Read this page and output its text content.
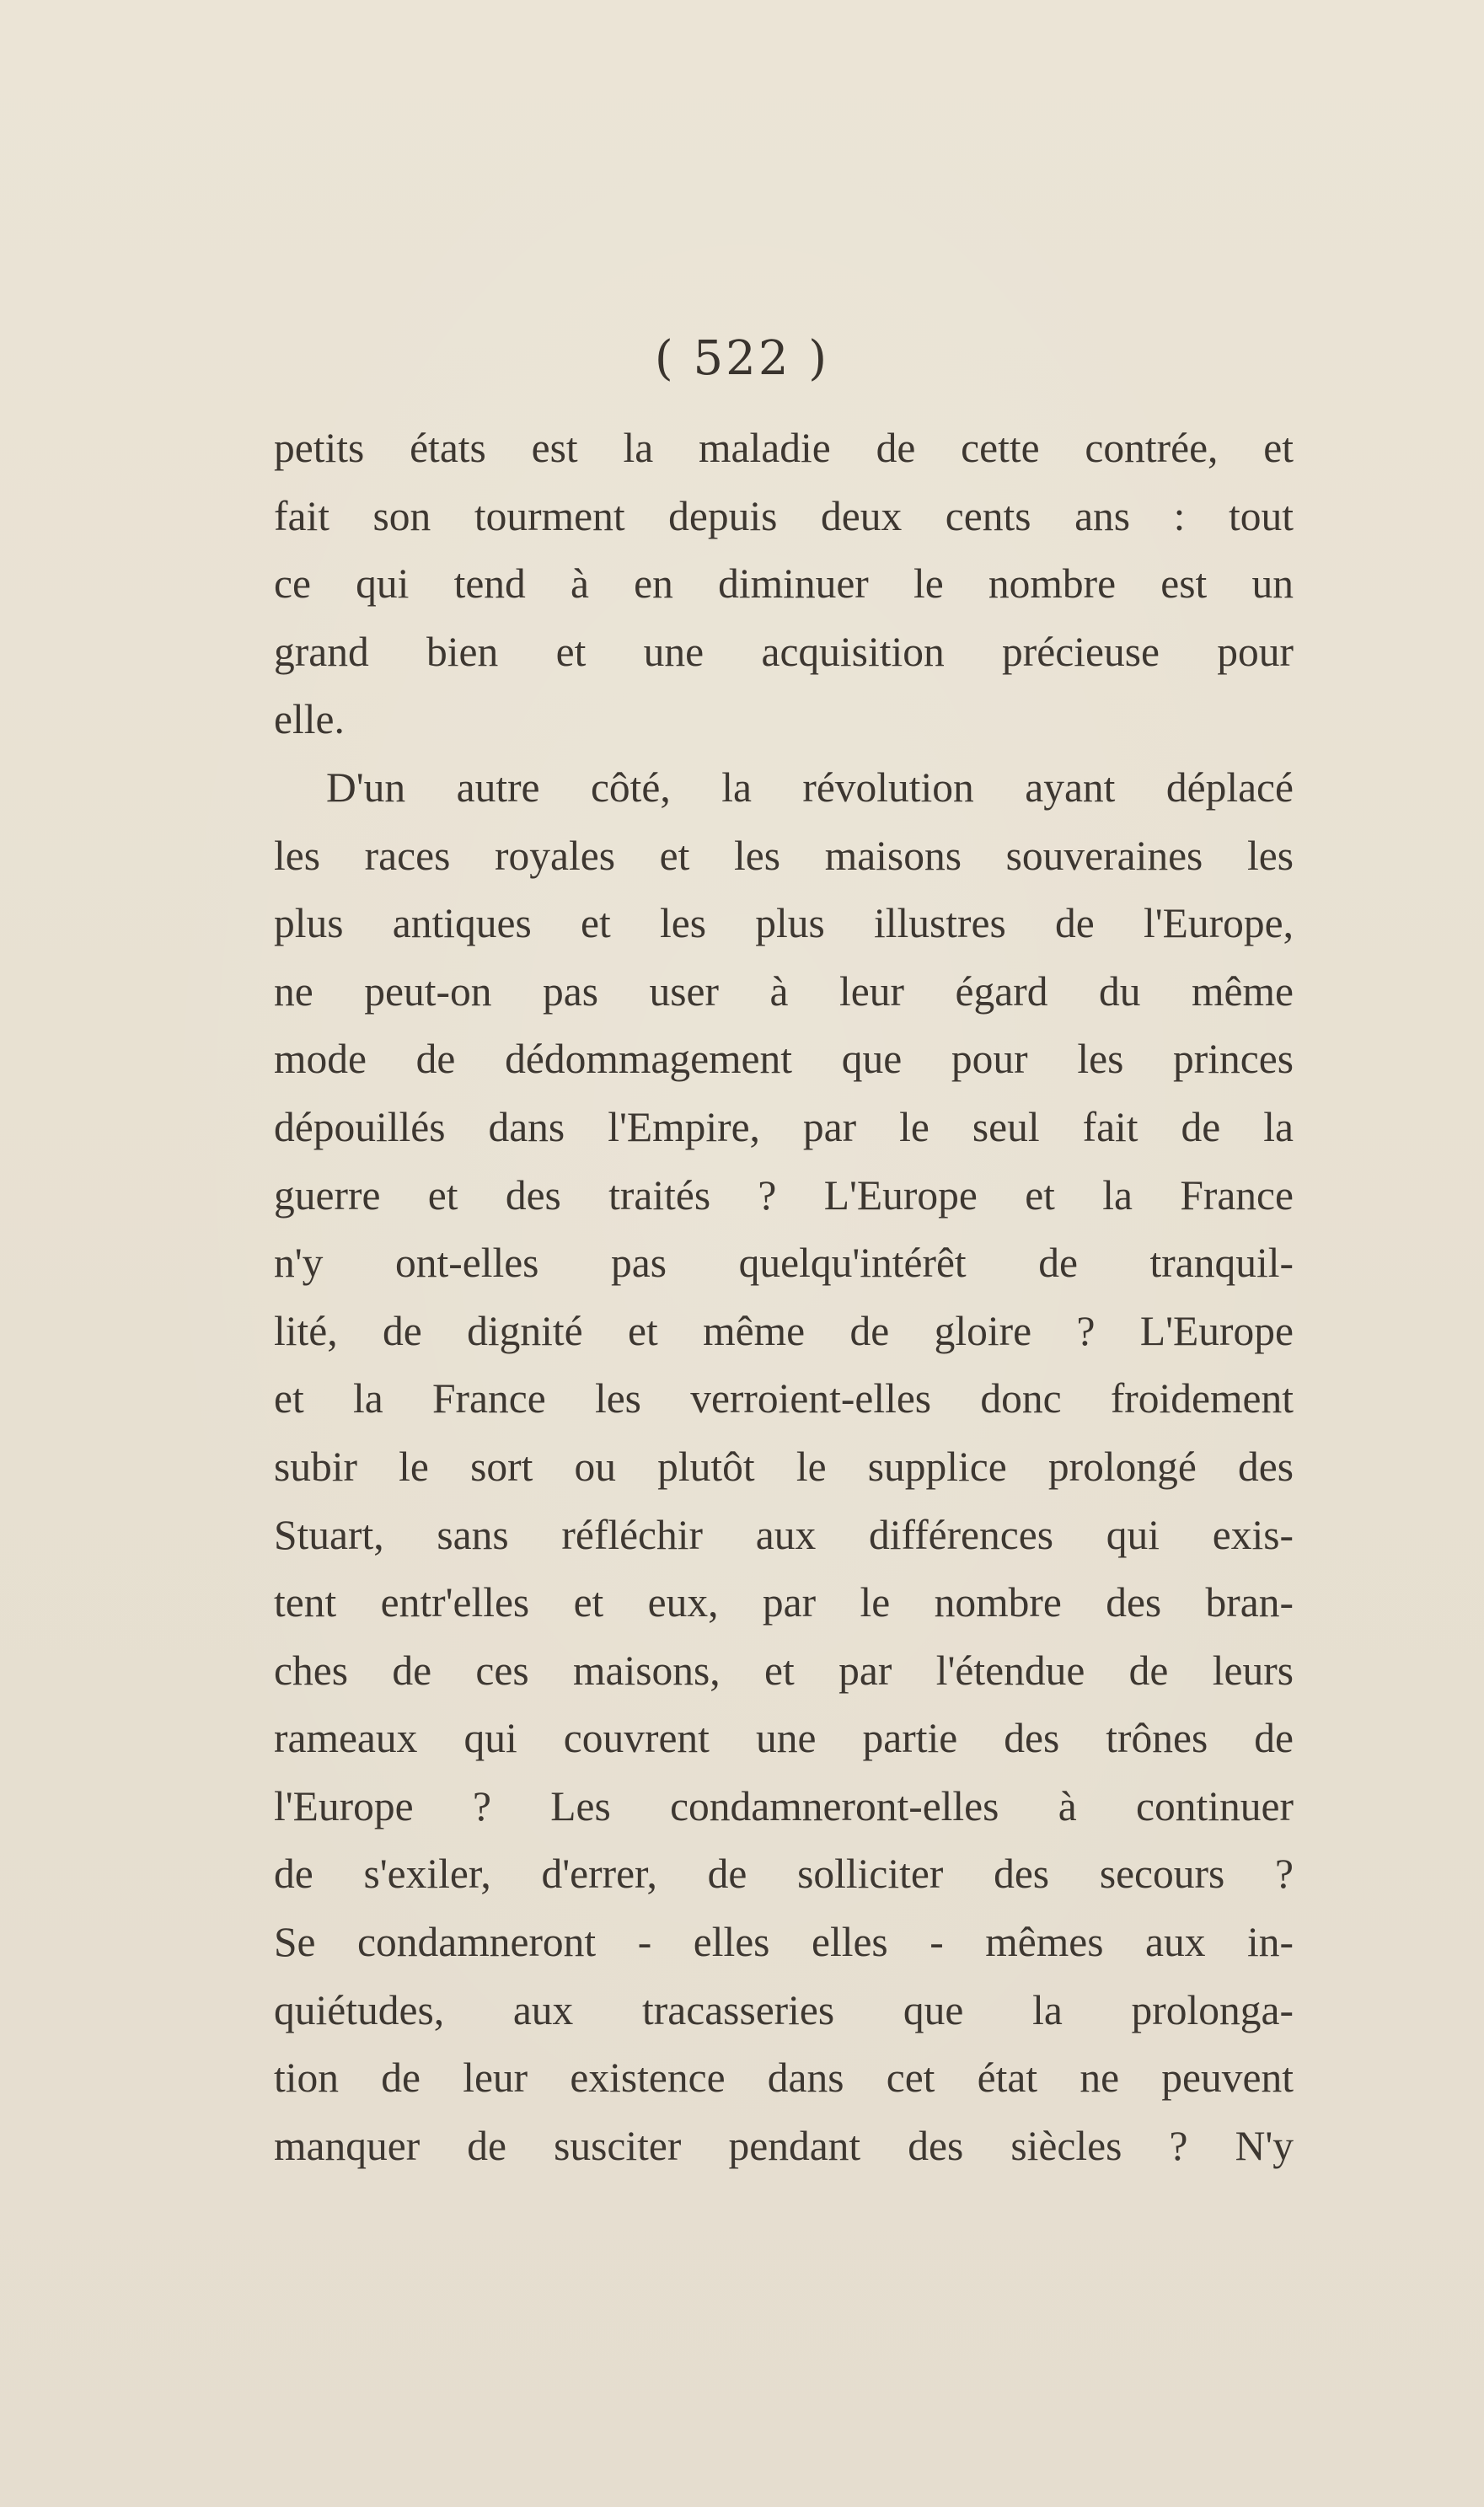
( 522 )
petits états est la maladie de cette contrée, et
fait son tourment depuis deux cents ans : tout
ce qui tend à en diminuer le nombre est un
grand bien et une acquisition précieuse pour
elle.
D'un autre côté, la révolution ayant déplacé
les races royales et les maisons souveraines les
plus antiques et les plus illustres de l'Europe,
ne peut-on pas user à leur égard du même
mode de dédommagement que pour les princes
dépouillés dans l'Empire, par le seul fait de la
guerre et des traités ? L'Europe et la France
n'y ont-elles pas quelqu'intérêt de tranquil-
lité, de dignité et même de gloire ? L'Europe
et la France les verroient-elles donc froidement
subir le sort ou plutôt le supplice prolongé des
Stuart, sans réfléchir aux différences qui exis-
tent entr'elles et eux, par le nombre des bran-
ches de ces maisons, et par l'étendue de leurs
rameaux qui couvrent une partie des trônes de
l'Europe ? Les condamneront-elles à continuer
de s'exiler, d'errer, de solliciter des secours ?
Se condamneront - elles elles - mêmes aux in-
quiétudes, aux tracasseries que la prolonga-
tion de leur existence dans cet état ne peuvent
manquer de susciter pendant des siècles ? N'y
